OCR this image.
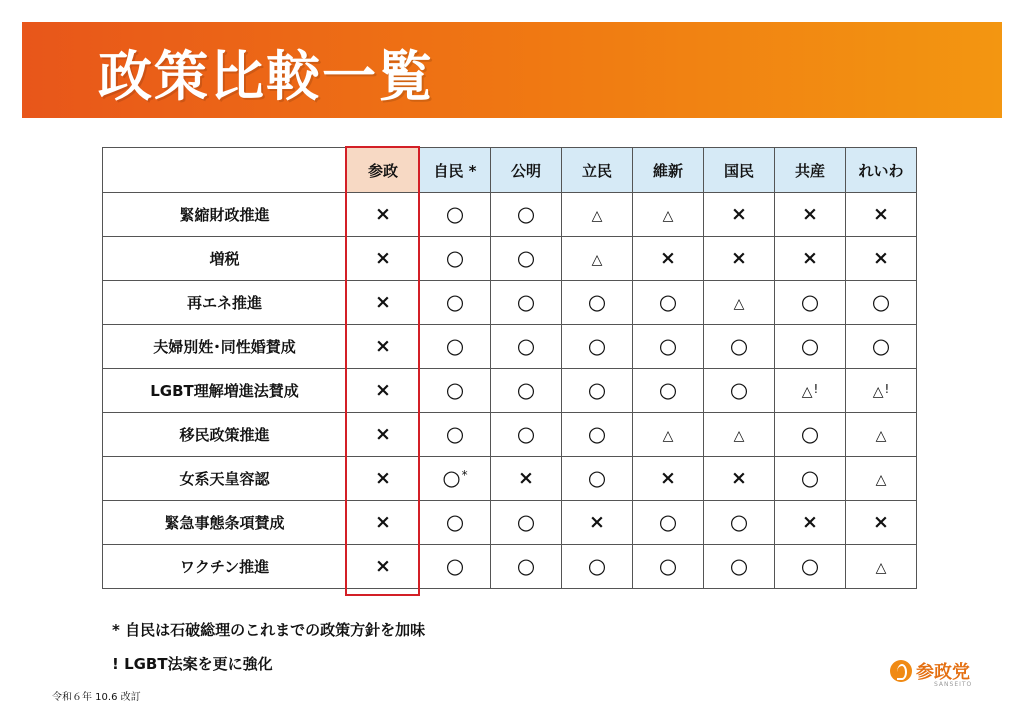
政策比較一覧
	参政	自民 *	公明	立民	維新	国民	共産	れいわ
緊縮財政推進	×	○	○	△	△	×	×	×
増税	×	○	○	△	×	×	×	×
再エネ推進	×	○	○	○	○	△	○	○
夫婦別姓･同性婚賛成	×	○	○	○	○	○	○	○
LGBT理解増進法賛成	×	○	○	○	○	○	△!	△!
移民政策推進	×	○	○	○	△	△	○	△
女系天皇容認	×	○*	×	○	×	×	○	△
緊急事態条項賛成	×	○	○	×	○	○	×	×
ワクチン推進	×	○	○	○	○	○	○	△
* 自民は石破総理のこれまでの政策方針を加味
! LGBT法案を更に強化
令和６年 10.6 改訂
参政党
SANSEITO
